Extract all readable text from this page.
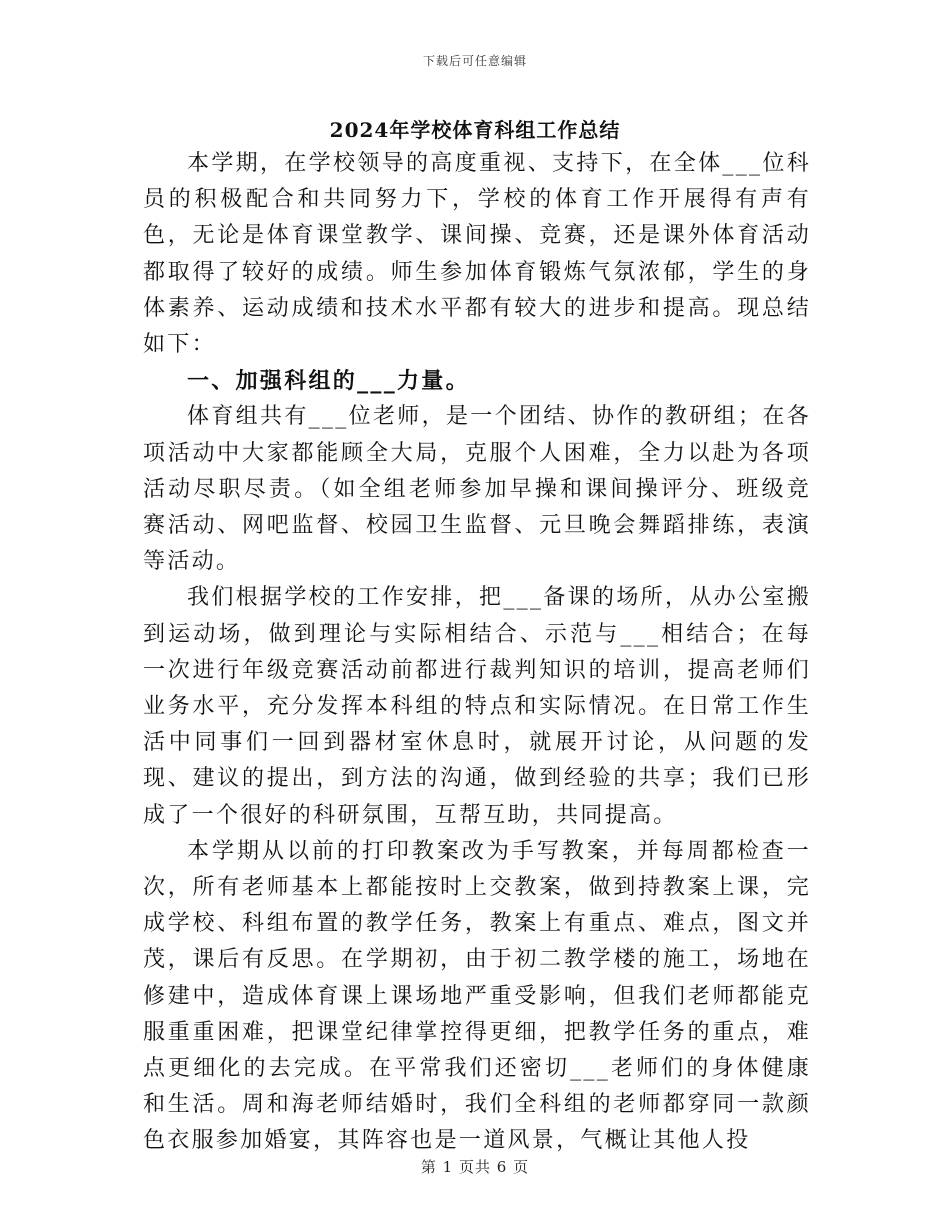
下载后可任意编辑
2024年学校体育科组工作总结

本学期，在学校领导的高度重视、支持下，在全体___位科员的积极配合和共同努力下，学校的体育工作开展得有声有色，无论是体育课堂教学、课间操、竞赛，还是课外体育活动都取得了较好的成绩。师生参加体育锻炼气氛浓郁，学生的身体素养、运动成绩和技术水平都有较大的进步和提高。现总结如下：

一、加强科组的___力量。

体育组共有___位老师，是一个团结、协作的教研组；在各项活动中大家都能顾全大局，克服个人困难，全力以赴为各项活动尽职尽责。（如全组老师参加早操和课间操评分、班级竞赛活动、网吧监督、校园卫生监督、元旦晚会舞蹈排练，表演等活动。

我们根据学校的工作安排，把___备课的场所，从办公室搬到运动场，做到理论与实际相结合、示范与___相结合；在每一次进行年级竞赛活动前都进行裁判知识的培训，提高老师们业务水平，充分发挥本科组的特点和实际情况。在日常工作生活中同事们一回到器材室休息时，就展开讨论，从问题的发现、建议的提出，到方法的沟通，做到经验的共享；我们已形成了一个很好的科研氛围，互帮互助，共同提高。

本学期从以前的打印教案改为手写教案，并每周都检查一次，所有老师基本上都能按时上交教案，做到持教案上课，完成学校、科组布置的教学任务，教案上有重点、难点，图文并茂，课后有反思。在学期初，由于初二教学楼的施工，场地在修建中，造成体育课上课场地严重受影响，但我们老师都能克服重重困难，把课堂纪律掌控得更细，把教学任务的重点，难点更细化的去完成。在平常我们还密切___老师们的身体健康和生活。周和海老师结婚时，我们全科组的老师都穿同一款颜色衣服参加婚宴，其阵容也是一道风景，气概让其他人投

第 1 页共 6 页
